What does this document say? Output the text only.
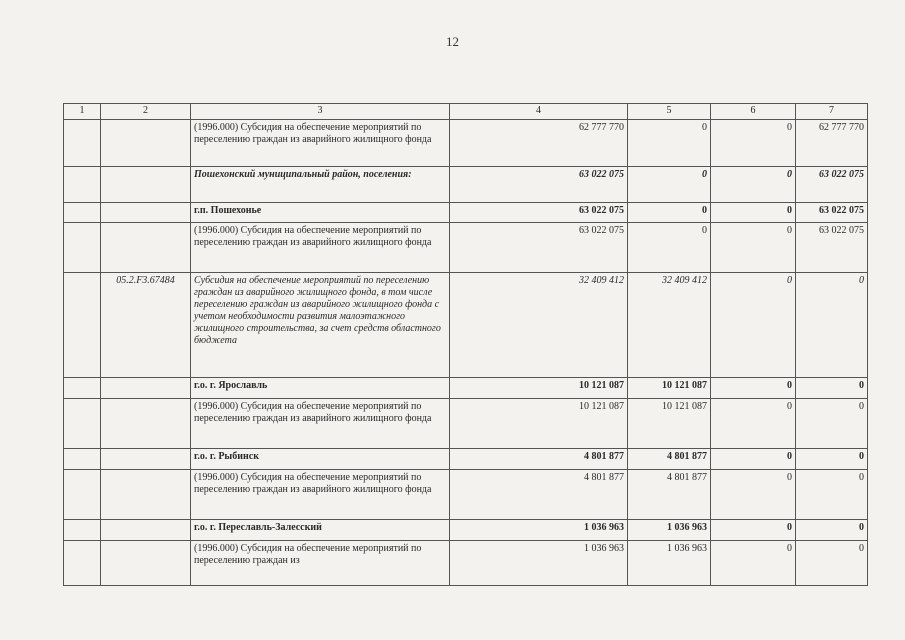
12
1	2	3	4	5	6	7
		(1996.000) Субсидия на обеспечение мероприятий по переселению граждан из аварийного жилищного фонда	62 777 770	0	0	62 777 770
		Пошехонский муниципальный район, поселения:	63 022 075	0	0	63 022 075
		г.п. Пошехонье	63 022 075	0	0	63 022 075
		(1996.000) Субсидия на обеспечение мероприятий по переселению граждан из аварийного жилищного фонда	63 022 075	0	0	63 022 075
	05.2.F3.67484	Субсидия на обеспечение мероприятий по переселению граждан из аварийного жилищного фонда, в том числе переселению граждан из аварийного жилищного фонда с учетом необходимости развития малоэтажного жилищного строительства, за счет средств областного бюджета	32 409 412	32 409 412	0	0
		г.о. г. Ярославль	10 121 087	10 121 087	0	0
		(1996.000) Субсидия на обеспечение мероприятий по переселению граждан из аварийного жилищного фонда	10 121 087	10 121 087	0	0
		г.о. г. Рыбинск	4 801 877	4 801 877	0	0
		(1996.000) Субсидия на обеспечение мероприятий по переселению граждан из аварийного жилищного фонда	4 801 877	4 801 877	0	0
		г.о. г. Переславль-Залесский	1 036 963	1 036 963	0	0
		(1996.000) Субсидия на обеспечение мероприятий по переселению граждан из	1 036 963	1 036 963	0	0
